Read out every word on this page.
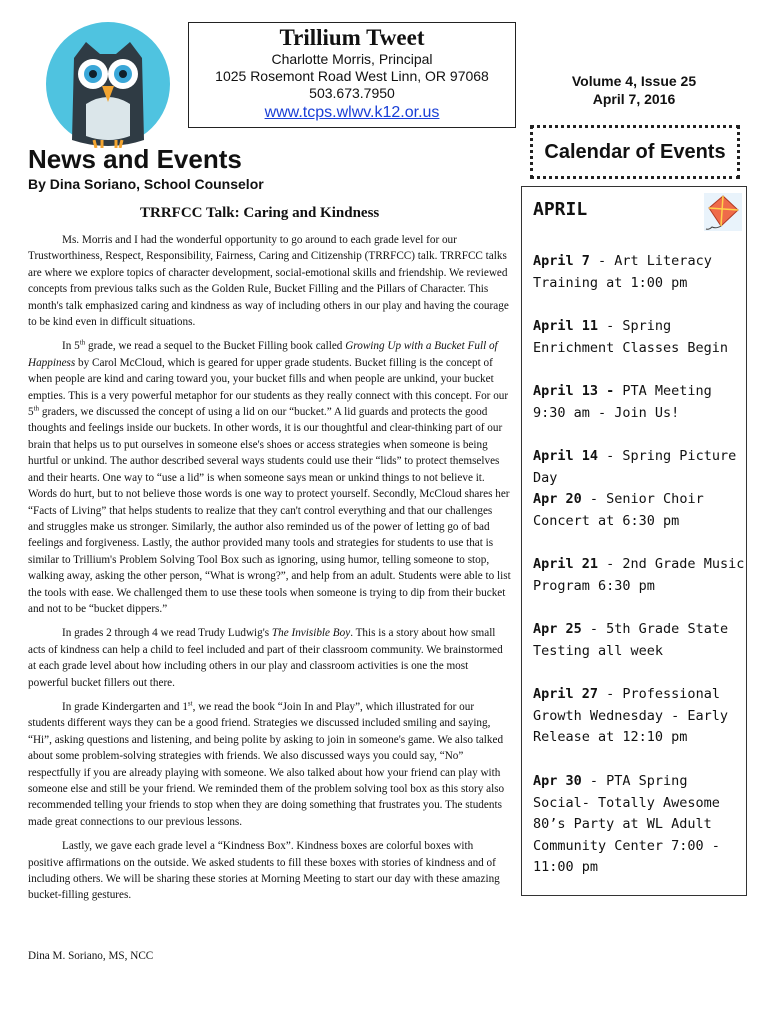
Trillium Tweet
Charlotte Morris, Principal
1025 Rosemont Road West Linn, OR 97068
503.673.7950
www.tcps.wlwv.k12.or.us
Volume 4, Issue 25
April 7, 2016
Calendar of Events
News and Events
By Dina Soriano, School Counselor
TRRFCC Talk: Caring and Kindness

Ms. Morris and I had the wonderful opportunity to go around to each grade level for our Trustworthiness, Respect, Responsibility, Fairness, Caring and Citizenship (TRRFCC) talk. TRRFCC talks are where we explore topics of character development, social-emotional skills and friendship. We reviewed concepts from previous talks such as the Golden Rule, Bucket Filling and the Pillars of Character. This month's talk emphasized caring and kindness as way of including others in our play and having the courage to be kind even in difficult situations.

In 5th grade, we read a sequel to the Bucket Filling book called Growing Up with a Bucket Full of Happiness by Carol McCloud, which is geared for upper grade students. Bucket filling is the concept of when people are kind and caring toward you, your bucket fills and when people are unkind, your bucket empties. This is a very powerful metaphor for our students as they really connect with this concept. For our 5th graders, we discussed the concept of using a lid on our “bucket.” A lid guards and protects the good thoughts and feelings inside our buckets. In other words, it is our thoughtful and clear-thinking part of our brain that helps us to put ourselves in someone else's shoes or access strategies when someone is being hurtful or unkind. The author described several ways students could use their “lids” to protect themselves and their hearts. One way to “use a lid” is when someone says mean or unkind things to not believe it. Words do hurt, but to not believe those words is one way to protect yourself. Secondly, McCloud shares her “Facts of Living” that helps students to realize that they can't control everything and that our challenges and struggles make us stronger. Similarly, the author also reminded us of the power of letting go of bad feelings and forgiveness. Lastly, the author provided many tools and strategies for students to use that is similar to Trillium's Problem Solving Tool Box such as ignoring, using humor, telling someone to stop, walking away, asking the other person, “What is wrong?”, and help from an adult. Students were able to list the tools with ease. We challenged them to use these tools when someone is trying to dip from their bucket and not to be “bucket dippers.”

In grades 2 through 4 we read Trudy Ludwig's The Invisible Boy. This is a story about how small acts of kindness can help a child to feel included and part of their classroom community. We brainstormed at each grade level about how including others in our play and classroom activities is one the most powerful bucket fillers out there.

In grade Kindergarten and 1st, we read the book “Join In and Play”, which illustrated for our students different ways they can be a good friend. Strategies we discussed included smiling and saying, “Hi”, asking questions and listening, and being polite by asking to join in someone's game. We also talked about some problem-solving strategies with friends. We also discussed ways you could say, “No” respectfully if you are already playing with someone. We also talked about how your friend can play with someone else and still be your friend. We reminded them of the problem solving tool box as this story also recommended telling your friends to stop when they are doing something that frustrates you. The students made great connections to our previous lessons.

Lastly, we gave each grade level a “Kindness Box”. Kindness boxes are colorful boxes with positive affirmations on the outside. We asked students to fill these boxes with stories of kindness and of including others. We will be sharing these stories at Morning Meeting to start our day with these amazing bucket-filling gestures.

Dina M. Soriano, MS, NCC
APRIL
April 7 - Art Literacy Training at 1:00 pm
April 11 - Spring Enrichment Classes Begin
April 13 - PTA Meeting 9:30 am - Join Us!
April 14 - Spring Picture Day
Apr 20 - Senior Choir Concert at 6:30 pm
April 21 - 2nd Grade Music Program 6:30 pm
Apr 25 - 5th Grade State Testing all week
April 27 - Professional Growth Wednesday - Early Release at 12:10 pm
Apr 30 - PTA Spring Social- Totally Awesome 80’s Party at WL Adult Community Center 7:00 - 11:00 pm
